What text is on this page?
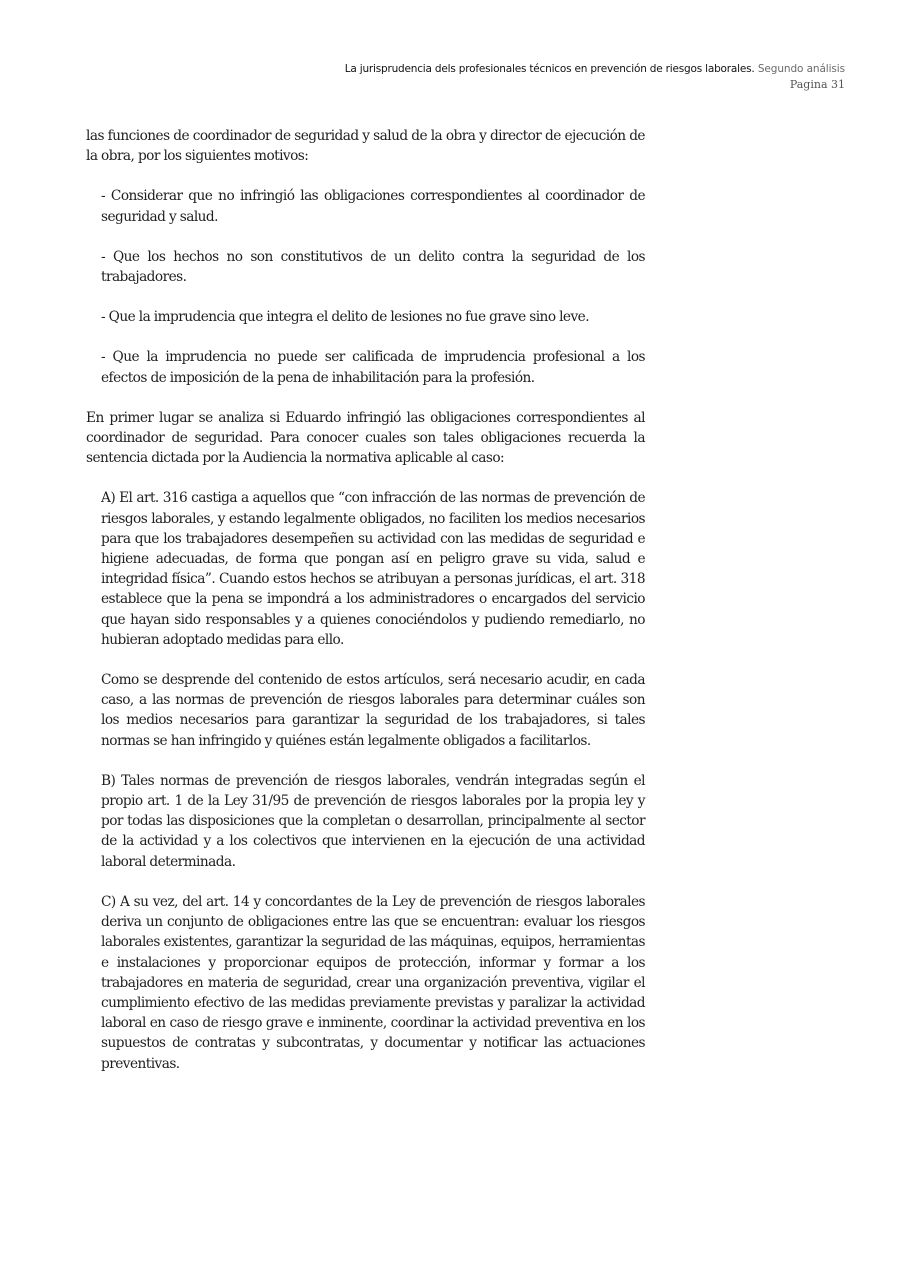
La jurisprudencia dels profesionales técnicos en prevención de riesgos laborales. Segundo análisis
Pagina 31

las funciones de coordinador de seguridad y salud de la obra y director de ejecución de la obra, por los siguientes motivos:

- Considerar que no infringió las obligaciones correspondientes al coordinador de seguridad y salud.

- Que los hechos no son constitutivos de un delito contra la seguridad de los trabajadores.

- Que la imprudencia que integra el delito de lesiones no fue grave sino leve.

- Que la imprudencia no puede ser calificada de imprudencia profesional a los efectos de imposición de la pena de inhabilitación para la profesión.

En primer lugar se analiza si Eduardo infringió las obligaciones correspondientes al coordinador de seguridad. Para conocer cuales son tales obligaciones recuerda la sentencia dictada por la Audiencia la normativa aplicable al caso:

A) El art. 316 castiga a aquellos que “con infracción de las normas de prevención de riesgos laborales, y estando legalmente obligados, no faciliten los medios necesarios para que los trabajadores desempeñen su actividad con las medidas de seguridad e higiene adecuadas, de forma que pongan así en peligro grave su vida, salud e integridad física”. Cuando estos hechos se atribuyan a personas jurídicas, el art. 318 establece que la pena se impondrá a los administradores o encargados del servicio que hayan sido responsables y a quienes conociéndolos y pudiendo remediarlo, no hubieran adoptado medidas para ello.

Como se desprende del contenido de estos artículos, será necesario acudir, en cada caso, a las normas de prevención de riesgos laborales para determinar cuáles son los medios necesarios para garantizar la seguridad de los trabajadores, si tales normas se han infringido y quiénes están legalmente obligados a facilitarlos.

B) Tales normas de prevención de riesgos laborales, vendrán integradas según el propio art. 1 de la Ley 31/95 de prevención de riesgos laborales por la propia ley y por todas las disposiciones que la completan o desarrollan, principalmente al sector de la actividad y a los colectivos que intervienen en la ejecución de una actividad laboral determinada.

C) A su vez, del art. 14 y concordantes de la Ley de prevención de riesgos laborales deriva un conjunto de obligaciones entre las que se encuentran: evaluar los riesgos laborales existentes, garantizar la seguridad de las máquinas, equipos, herramientas e instalaciones y proporcionar equipos de protección, informar y formar a los trabajadores en materia de seguridad, crear una organización preventiva, vigilar el cumplimiento efectivo de las medidas previamente previstas y paralizar la actividad laboral en caso de riesgo grave e inminente, coordinar la actividad preventiva en los supuestos de contratas y subcontratas, y documentar y notificar las actuaciones preventivas.
